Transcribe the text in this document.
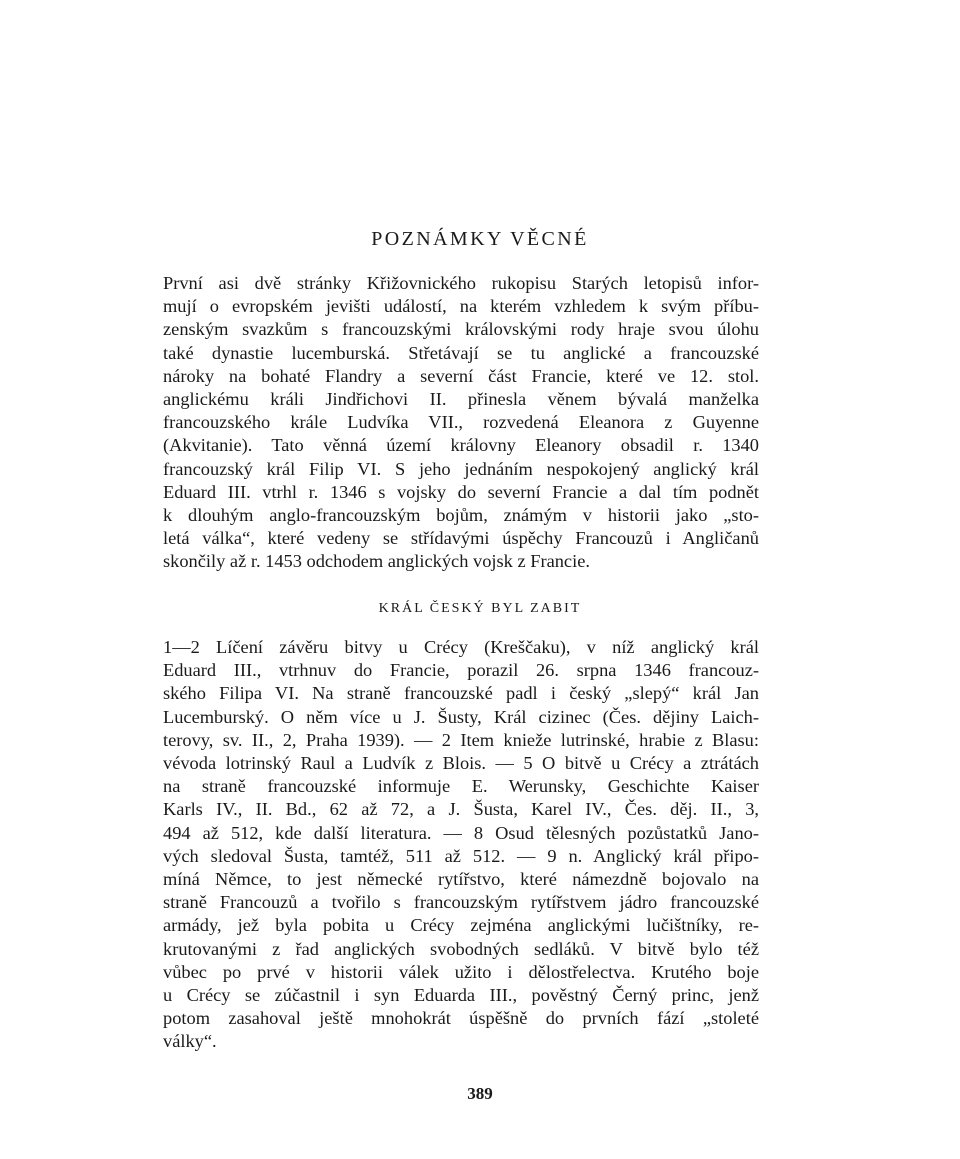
POZNÁMKY VĚCNÉ
První asi dvě stránky Křižovnického rukopisu Starých letopisů infor-
mují o evropském jevišti událostí, na kterém vzhledem k svým příbu-
zenským svazkům s francouzskými královskými rody hraje svou úlohu
také dynastie lucemburská. Střetávají se tu anglické a francouzské
nároky na bohaté Flandry a severní část Francie, které ve 12. stol.
anglickému králi Jindřichovi II. přinesla věnem bývalá manželka
francouzského krále Ludvíka VII., rozvedená Eleanora z Guyenne
(Akvitanie). Tato věnná území královny Eleanory obsadil r. 1340
francouzský král Filip VI. S jeho jednáním nespokojený anglický král
Eduard III. vtrhl r. 1346 s vojsky do severní Francie a dal tím podnět
k dlouhým anglo-francouzským bojům, známým v historii jako „sto-
letá válka“, které vedeny se střídavými úspěchy Francouzů i Angličanů
skončily až r. 1453 odchodem anglických vojsk z Francie.
KRÁL ČESKÝ BYL ZABIT
1—2 Líčení závěru bitvy u Crécy (Kreščaku), v níž anglický král
Eduard III., vtrhnuv do Francie, porazil 26. srpna 1346 francouz-
ského Filipa VI. Na straně francouzské padl i český „slepý“ král Jan
Lucemburský. O něm více u J. Šusty, Král cizinec (Čes. dějiny Laich-
terovy, sv. II., 2, Praha 1939). — 2 Item knieže lutrinské, hrabie z Blasu:
vévoda lotrinský Raul a Ludvík z Blois. — 5 O bitvě u Crécy a ztrátách
na straně francouzské informuje E. Werunsky, Geschichte Kaiser
Karls IV., II. Bd., 62 až 72, a J. Šusta, Karel IV., Čes. děj. II., 3,
494 až 512, kde další literatura. — 8 Osud tělesných pozůstatků Jano-
vých sledoval Šusta, tamtéž, 511 až 512. — 9 n. Anglický král připo-
míná Němce, to jest německé rytířstvo, které námezdně bojovalo na
straně Francouzů a tvořilo s francouzským rytířstvem jádro francouzské
armády, jež byla pobita u Crécy zejména anglickými lučištníky, re-
krutovanými z řad anglických svobodných sedláků. V bitvě bylo též
vůbec po prvé v historii válek užito i dělostřelectva. Krutého boje
u Crécy se zúčastnil i syn Eduarda III., pověstný Černý princ, jenž
potom zasahoval ještě mnohokrát úspěšně do prvních fází „stoleté
války“.
389
